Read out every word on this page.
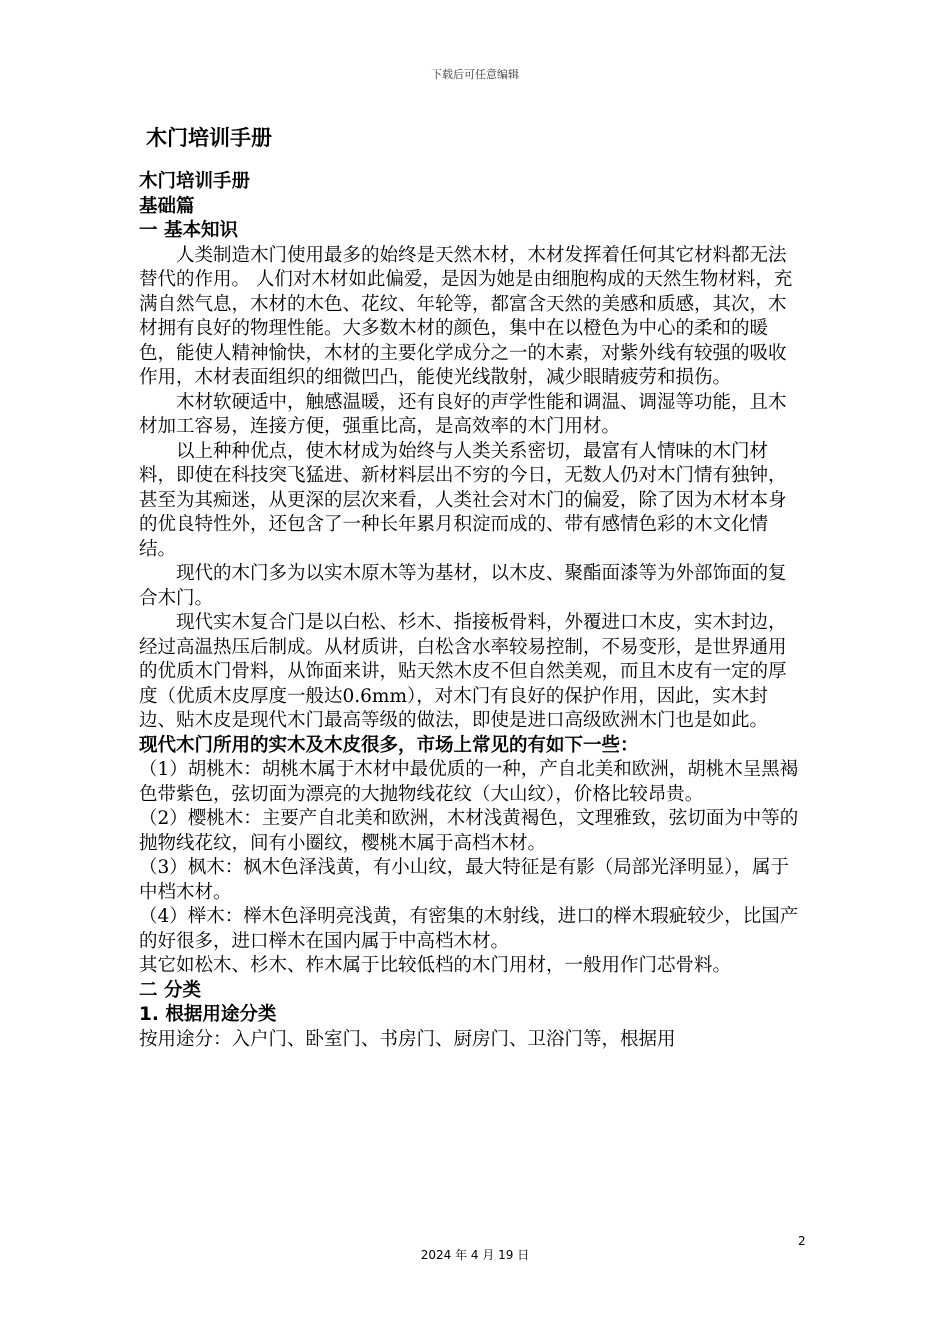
下载后可任意编辑
木门培训手册

木门培训手册

基础篇

一 基本知识

人类制造木门使用最多的始终是天然木材，木材发挥着任何其它材料都无法替代的作用。 人们对木材如此偏爱，是因为她是由细胞构成的天然生物材料，充满自然气息，木材的木色、花纹、年轮等，都富含天然的美感和质感，其次，木材拥有良好的物理性能。大多数木材的颜色，集中在以橙色为中心的柔和的暖色，能使人精神愉快，木材的主要化学成分之一的木素，对紫外线有较强的吸收作用，木材表面组织的细微凹凸，能使光线散射，减少眼睛疲劳和损伤。

木材软硬适中，触感温暖，还有良好的声学性能和调温、调湿等功能，且木材加工容易，连接方便，强重比高，是高效率的木门用材。

以上种种优点，使木材成为始终与人类关系密切，最富有人情味的木门材料，即使在科技突飞猛进、新材料层出不穷的今日，无数人仍对木门情有独钟，甚至为其痴迷，从更深的层次来看，人类社会对木门的偏爱，除了因为木材本身的优良特性外，还包含了一种长年累月积淀而成的、带有感情色彩的木文化情结。

现代的木门多为以实木原木等为基材，以木皮、聚酯面漆等为外部饰面的复合木门。

现代实木复合门是以白松、杉木、指接板骨料，外覆进口木皮，实木封边，经过高温热压后制成。从材质讲，白松含水率较易控制，不易变形，是世界通用的优质木门骨料，从饰面来讲，贴天然木皮不但自然美观，而且木皮有一定的厚度（优质木皮厚度一般达0.6mm），对木门有良好的保护作用，因此，实木封边、贴木皮是现代木门最高等级的做法，即使是进口高级欧洲木门也是如此。

现代木门所用的实木及木皮很多，市场上常见的有如下一些：

（1）胡桃木：胡桃木属于木材中最优质的一种，产自北美和欧洲，胡桃木呈黑褐色带紫色，弦切面为漂亮的大抛物线花纹（大山纹），价格比较昂贵。

（2）樱桃木：主要产自北美和欧洲，木材浅黄褐色，文理雅致，弦切面为中等的抛物线花纹，间有小圈纹，樱桃木属于高档木材。

（3）枫木：枫木色泽浅黄，有小山纹，最大特征是有影（局部光泽明显），属于中档木材。

（4）榉木：榉木色泽明亮浅黄，有密集的木射线，进口的榉木瑕疵较少，比国产的好很多，进口榉木在国内属于中高档木材。

其它如松木、杉木、柞木属于比较低档的木门用材，一般用作门芯骨料。

二 分类

1. 根据用途分类

按用途分：入户门、卧室门、书房门、厨房门、卫浴门等，根据用

2
2024 年 4 月 19 日
